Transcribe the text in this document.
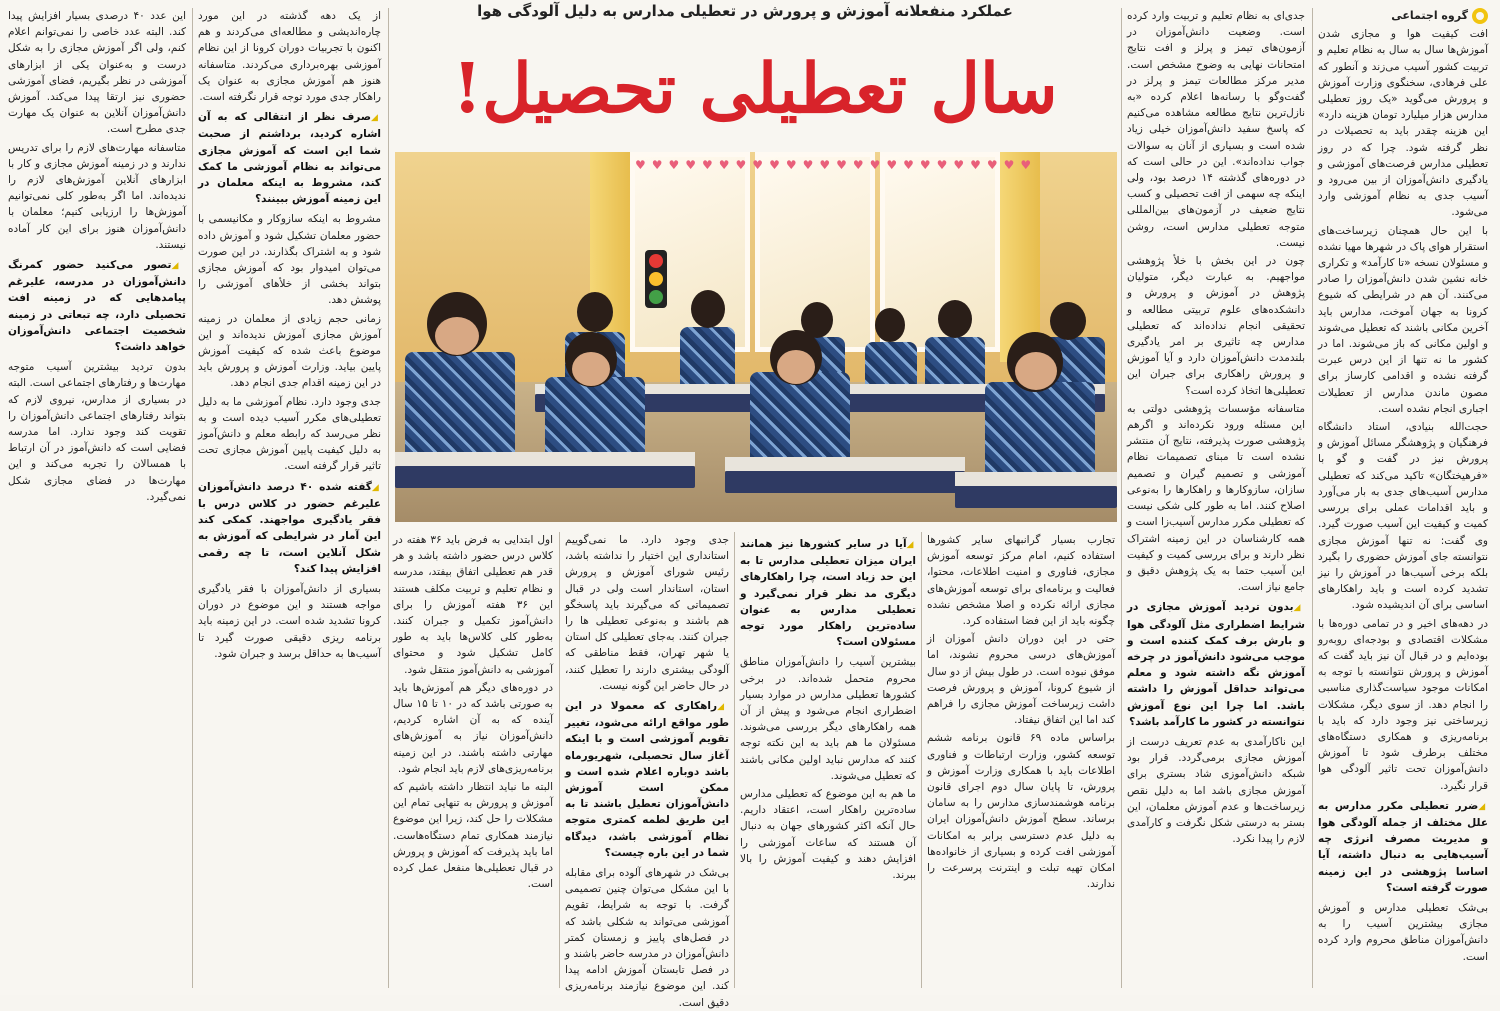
گروه اجتماعی

افت کیفیت هوا و مجازی شدن آموزش‌ها سال به سال به نظام تعلیم و تربیت کشور آسیب می‌زند و آنطور که علی فرهادی، سخنگوی وزارت آموزش و پرورش می‌گوید «یک روز تعطیلی مدارس هزار میلیارد تومان هزینه دارد» این هزینه چقدر باید به تحصیلات در نظر گرفته شود. چرا که در روز تعطیلی مدارس فرصت‌های آموزشی و یادگیری دانش‌آموزان از بین می‌رود و آسیب جدی به نظام آموزشی وارد می‌شود.

با این حال همچنان زیرساخت‌های استقرار هوای پاک در شهرها مهیا نشده و مسئولان نسخه «تا کارآمد» و تکراری خانه نشین شدن دانش‌آموزان را صادر می‌کنند. آن هم در شرایطی که شیوع کرونا به جهان آموخت، مدارس باید آخرین مکانی باشند که تعطیل می‌شوند و اولین مکانی که باز می‌شوند. اما در کشور ما نه تنها از این درس عبرت گرفته نشده و اقدامی کارساز برای مصون ماندن مدارس از تعطیلات اجباری انجام نشده است.

حجت‌الله بنیادی، استاد دانشگاه فرهنگیان و پژوهشگر مسائل آموزش و پرورش نیز در گفت و گو با «فرهیختگان» تاکید می‌کند که تعطیلی مدارس آسیب‌های جدی به بار می‌آورد و باید اقدامات عملی برای بررسی کمیت و کیفیت این آسیب صورت گیرد. وی گفت: نه تنها آموزش مجازی نتوانسته جای آموزش حضوری را بگیرد بلکه برخی آسیب‌ها در آموزش را نیز تشدید کرده است و باید راهکارهای اساسی برای آن اندیشیده شود.

در دهه‌های اخیر و در تمامی دوره‌ها با مشکلات اقتصادی و بودجه‌ای روبه‌رو بوده‌ایم و در قبال آن نیز باید گفت که آموزش و پرورش نتوانسته با توجه به امکانات موجود سیاست‌گذاری مناسبی را انجام دهد. از سوی دیگر، مشکلات زیرساختی نیز وجود دارد که باید با برنامه‌ریزی و همکاری دستگاه‌های مختلف برطرف شود تا آموزش دانش‌آموزان تحت تاثیر آلودگی هوا قرار نگیرد.

◢ ضرر تعطیلی مکرر مدارس به علل مختلف از جمله آلودگی هوا و مدیریت مصرف انرژی چه آسیب‌هایی به دنبال داشته، آیا اساسا پژوهشی در این زمینه صورت گرفته است؟

بی‌شک تعطیلی مدارس و آموزش مجازی بیشترین آسیب را به دانش‌آموزان مناطق محروم وارد کرده است.

جدی‌ای به نظام تعلیم و تربیت وارد کرده است. وضعیت دانش‌آموزان در آزمون‌های تیمز و پرلز و افت نتایج امتحانات نهایی به وضوح مشخص است. مدیر مرکز مطالعات تیمز و پرلز در گفت‌وگو با رسانه‌ها اعلام کرده «به نازل‌ترین نتایج مطالعه مشاهده می‌کنیم که پاسخ سفید دانش‌آموزان خیلی زیاد شده است و بسیاری از آنان به سوالات جواب نداده‌اند». این در حالی است که در دوره‌های گذشته ۱۴ درصد بود، ولی اینکه چه سهمی از افت تحصیلی و کسب نتایج ضعیف در آزمون‌های بین‌المللی متوجه تعطیلی مدارس است، روشن نیست.

چون در این بخش با خلأ پژوهشی مواجهیم. به عبارت دیگر، متولیان پژوهش در آموزش و پرورش و دانشکده‌های علوم تربیتی مطالعه و تحقیقی انجام نداده‌اند که تعطیلی مدارس چه تاثیری بر امر یادگیری بلندمدت دانش‌آموزان دارد و آیا آموزش و پرورش راهکاری برای جبران این تعطیلی‌ها اتخاذ کرده است؟

متاسفانه مؤسسات پژوهشی دولتی به این مسئله ورود نکرده‌اند و اگرهم پژوهشی صورت پذیرفته، نتایج آن منتشر نشده است تا مبنای تصمیمات نظام آموزشی و تصمیم گیران و تصمیم سازان، سازوکارها و راهکارها را به‌نوعی اصلاح کنند. اما به طور کلی شکی نیست که تعطیلی مکرر مدارس آسیب‌زا است و همه کارشناسان در این زمینه اشتراک نظر دارند و برای بررسی کمیت و کیفیت این آسیب حتما به یک پژوهش دقیق و جامع نیاز است.

◢ بدون تردید آموزش مجازی در شرایط اضطراری مثل آلودگی هوا و بارش برف کمک کننده است و موجب می‌شود دانش‌آموز در چرخه آموزش نگه داشته شود و معلم می‌تواند حداقل آموزش را داشته باشد. اما چرا این نوع آموزش نتوانسته در کشور ما کارآمد باشد؟

این ناکارآمدی به عدم تعریف درست از آموزش مجازی برمی‌گردد. قرار بود شبکه دانش‌آموزی شاد بستری برای آموزش مجازی باشد اما به دلیل نقص زیرساخت‌ها و عدم آموزش معلمان، این بستر به درستی شکل نگرفت و کارآمدی لازم را پیدا نکرد.

عملکرد منفعلانه آموزش و پرورش در تعطیلی مدارس به دلیل آلودگی هوا
سال تعطیلی تحصیل!
♥♥♥♥♥♥♥♥♥♥♥♥♥♥♥♥♥♥♥♥♥♥♥♥

تجارب بسیار گرانبهای سایر کشورها استفاده کنیم، امام مرکز توسعه آموزش مجازی، فناوری و امنیت اطلاعات، محتوا، فعالیت و برنامه‌ای برای توسعه آموزش‌های مجازی ارائه نکرده و اصلا مشخص نشده چگونه باید از این فضا استفاده کرد.

حتی در این دوران دانش آموزان از آموزش‌های درسی محروم نشوند، اما موفق نبوده است. در طول بیش از دو سال از شیوع کرونا، آموزش و پرورش فرصت داشت زیرساخت آموزش مجازی را فراهم کند اما این اتفاق نیفتاد.

براساس ماده ۶۹ قانون برنامه ششم توسعه کشور، وزارت ارتباطات و فناوری اطلاعات باید با همکاری وزارت آموزش و پرورش، تا پایان سال دوم اجرای قانون برنامه هوشمندسازی مدارس را به سامان برساند. سطح آموزش دانش‌آموزان ایران به دلیل عدم دسترسی برابر به امکانات آموزشی افت کرده و بسیاری از خانواده‌ها امکان تهیه تبلت و اینترنت پرسرعت را ندارند.

◢ آیا در سایر کشورها نیز همانند ایران میزان تعطیلی مدارس تا به این حد زیاد است، چرا راهکارهای دیگری مد نظر قرار نمی‌گیرد و تعطیلی مدارس به عنوان ساده‌ترین راهکار مورد توجه مسئولان است؟

بیشترین آسیب را دانش‌آموزان مناطق محروم متحمل شده‌اند. در برخی کشورها تعطیلی مدارس در موارد بسیار اضطراری انجام می‌شود و پیش از آن همه راهکارهای دیگر بررسی می‌شوند. مسئولان ما هم باید به این نکته توجه کنند که مدارس نباید اولین مکانی باشند که تعطیل می‌شوند.

ما هم به این موضوع که تعطیلی مدارس ساده‌ترین راهکار است، اعتقاد داریم. حال آنکه اکثر کشورهای جهان به دنبال آن هستند که ساعات آموزشی را افزایش دهند و کیفیت آموزش را بالا ببرند.

جدی وجود دارد. ما نمی‌گوییم استانداری این اختیار را نداشته باشد، رئیس شورای آموزش و پرورش استان، استاندار است ولی در قبال تصمیماتی که می‌گیرند باید پاسخگو هم باشند و به‌نوعی تعطیلی ها را جبران کنند. به‌جای تعطیلی کل استان یا شهر تهران، فقط مناطقی که آلودگی بیشتری دارند را تعطیل کنند، در حال حاضر این گونه نیست.

◢ راهکاری که معمولا در این طور مواقع ارائه می‌شود، تغییر تقویم آموزشی است و با اینکه آغاز سال تحصیلی، شهریورماه باشد دوباره اعلام شده است و ممکن است آموزش دانش‌آموزان تعطیل باشند تا به این طریق لطمه کمتری متوجه نظام آموزشی باشد، دیدگاه شما در این باره چیست؟

بی‌شک در شهرهای آلوده برای مقابله با این مشکل می‌توان چنین تصمیمی گرفت. با توجه به شرایط، تقویم آموزشی می‌تواند به شکلی باشد که در فصل‌های پاییز و زمستان کمتر دانش‌آموزان در مدرسه حاضر باشند و در فصل تابستان آموزش ادامه پیدا کند. این موضوع نیازمند برنامه‌ریزی دقیق است.

اول ابتدایی به فرض باید ۳۶ هفته در کلاس درس حضور داشته باشد و هر قدر هم تعطیلی اتفاق بیفتد، مدرسه و نظام تعلیم و تربیت مکلف هستند این ۳۶ هفته آموزش را برای دانش‌آموز تکمیل و جبران کنند. به‌طور کلی کلاس‌ها باید به طور کامل تشکیل شود و محتوای آموزشی به دانش‌آموز منتقل شود.

در دوره‌های دیگر هم آموزش‌ها باید به صورتی باشد که در ۱۰ تا ۱۵ سال آینده که به آن اشاره کردیم، دانش‌آموزان نیاز به آموزش‌های مهارتی داشته باشند. در این زمینه برنامه‌ریزی‌های لازم باید انجام شود.

البته ما نباید انتظار داشته باشیم که آموزش و پرورش به تنهایی تمام این مشکلات را حل کند، زیرا این موضوع نیازمند همکاری تمام دستگاه‌هاست. اما باید پذیرفت که آموزش و پرورش در قبال تعطیلی‌ها منفعل عمل کرده است.

از یک دهه گذشته در این مورد چاره‌اندیشی و مطالعه‌ای می‌کردند و هم اکنون با تجربیات دوران کرونا از این نظام آموزشی بهره‌برداری می‌کردند. متاسفانه هنوز هم آموزش مجازی به عنوان یک راهکار جدی مورد توجه قرار نگرفته است.

◢ صرف نظر از انتقالی که به آن اشاره کردید، برداشتم از صحبت شما این است که آموزش مجازی می‌تواند به نظام آموزشی ما کمک کند، مشروط به اینکه معلمان در این زمینه آموزش ببینند؟

مشروط به اینکه سازوکار و مکانیسمی با حضور معلمان تشکیل شود و آموزش داده شود و به اشتراک بگذارند. در این صورت می‌توان امیدوار بود که آموزش مجازی بتواند بخشی از خلأهای آموزشی را پوشش دهد.

زمانی حجم زیادی از معلمان در زمینه آموزش مجازی آموزش ندیده‌اند و این موضوع باعث شده که کیفیت آموزش پایین بیاید. وزارت آموزش و پرورش باید در این زمینه اقدام جدی انجام دهد.

جدی وجود دارد. نظام آموزشی ما به دلیل تعطیلی‌های مکرر آسیب دیده است و به نظر می‌رسد که رابطه معلم و دانش‌آموز به دلیل کیفیت پایین آموزش مجازی تحت تاثیر قرار گرفته است.

◢ گفته شده ۴۰ درصد دانش‌آموزان علیرغم حضور در کلاس درس با فقر یادگیری مواجهند. کمکی کند این آمار در شرایطی که آموزش به شکل آنلاین است، تا چه رقمی افزایش پیدا کند؟

بسیاری از دانش‌آموزان با فقر یادگیری مواجه هستند و این موضوع در دوران کرونا تشدید شده است. در این زمینه باید برنامه ریزی دقیقی صورت گیرد تا آسیب‌ها به حداقل برسد و جبران شود.

این عدد ۴۰ درصدی بسیار افزایش پیدا کند. البته عدد خاصی را نمی‌توانم اعلام کنم، ولی اگر آموزش مجازی را به شکل درست و به‌عنوان یکی از ابزارهای آموزشی در نظر بگیریم، فضای آموزشی حضوری نیز ارتقا پیدا می‌کند. آموزش دانش‌آموزان آنلاین به عنوان یک مهارت جدی مطرح است.

متاسفانه مهارت‌های لازم را برای تدریس ندارند و در زمینه آموزش مجازی و کار با ابزارهای آنلاین آموزش‌های لازم را ندیده‌اند. اما اگر به‌طور کلی نمی‌توانیم آموزش‌ها را ارزیابی کنیم؛ معلمان با دانش‌آموزان هنوز برای این کار آماده نیستند.

◢ تصور می‌کنید حضور کمرنگ دانش‌آموزان در مدرسه، علیرغم پیامدهایی که در زمینه افت تحصیلی دارد، چه تبعاتی در زمینه شخصیت اجتماعی دانش‌آموزان خواهد داشت؟

بدون تردید بیشترین آسیب متوجه مهارت‌ها و رفتارهای اجتماعی است. البته در بسیاری از مدارس، نیروی لازم که بتواند رفتارهای اجتماعی دانش‌آموزان را تقویت کند وجود ندارد. اما مدرسه فضایی است که دانش‌آموز در آن ارتباط با همسالان را تجربه می‌کند و این مهارت‌ها در فضای مجازی شکل نمی‌گیرد.
